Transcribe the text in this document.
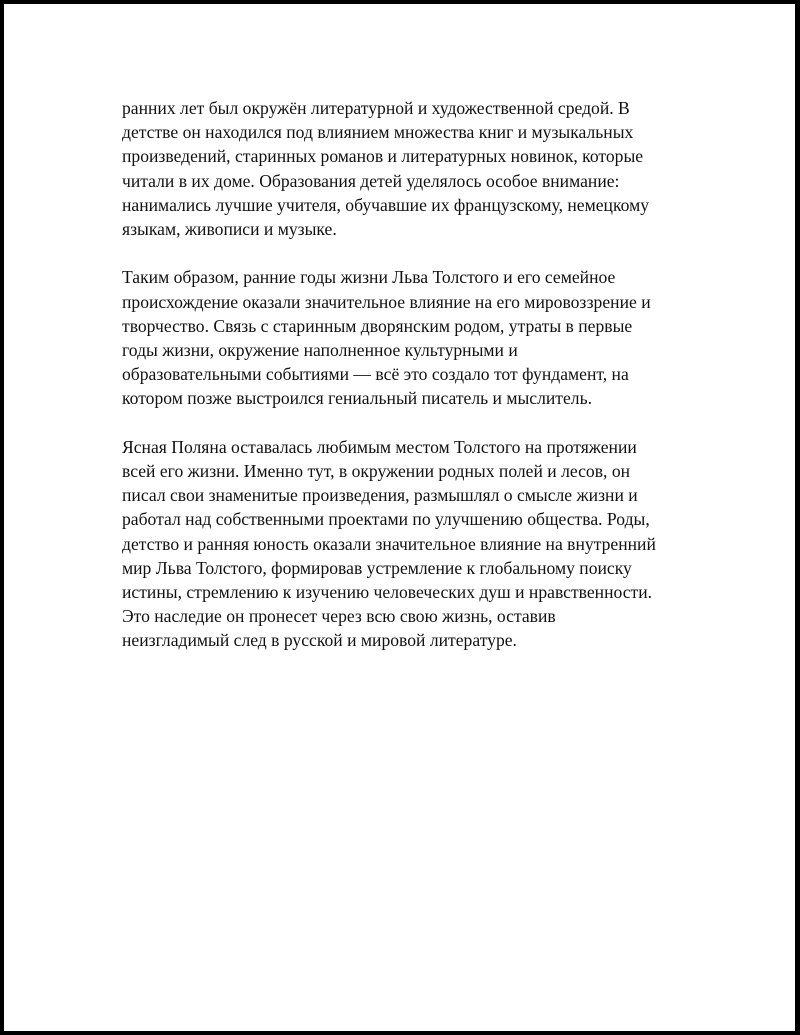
ранних лет был окружён литературной и художественной средой. В
детстве он находился под влиянием множества книг и музыкальных
произведений, старинных романов и литературных новинок, которые
читали в их доме. Образования детей уделялось особое внимание:
нанимались лучшие учителя, обучавшие их французскому, немецкому
языкам, живописи и музыке.

Таким образом, ранние годы жизни Льва Толстого и его семейное
происхождение оказали значительное влияние на его мировоззрение и
творчество. Связь с старинным дворянским родом, утраты в первые
годы жизни, окружение наполненное культурными и
образовательными событиями — всё это создало тот фундамент, на
котором позже выстроился гениальный писатель и мыслитель.

Ясная Поляна оставалась любимым местом Толстого на протяжении
всей его жизни. Именно тут, в окружении родных полей и лесов, он
писал свои знаменитые произведения, размышлял о смысле жизни и
работал над собственными проектами по улучшению общества. Роды,
детство и ранняя юность оказали значительное влияние на внутренний
мир Льва Толстого, формировав устремление к глобальному поиску
истины, стремлению к изучению человеческих душ и нравственности.
Это наследие он пронесет через всю свою жизнь, оставив
неизгладимый след в русской и мировой литературе.
